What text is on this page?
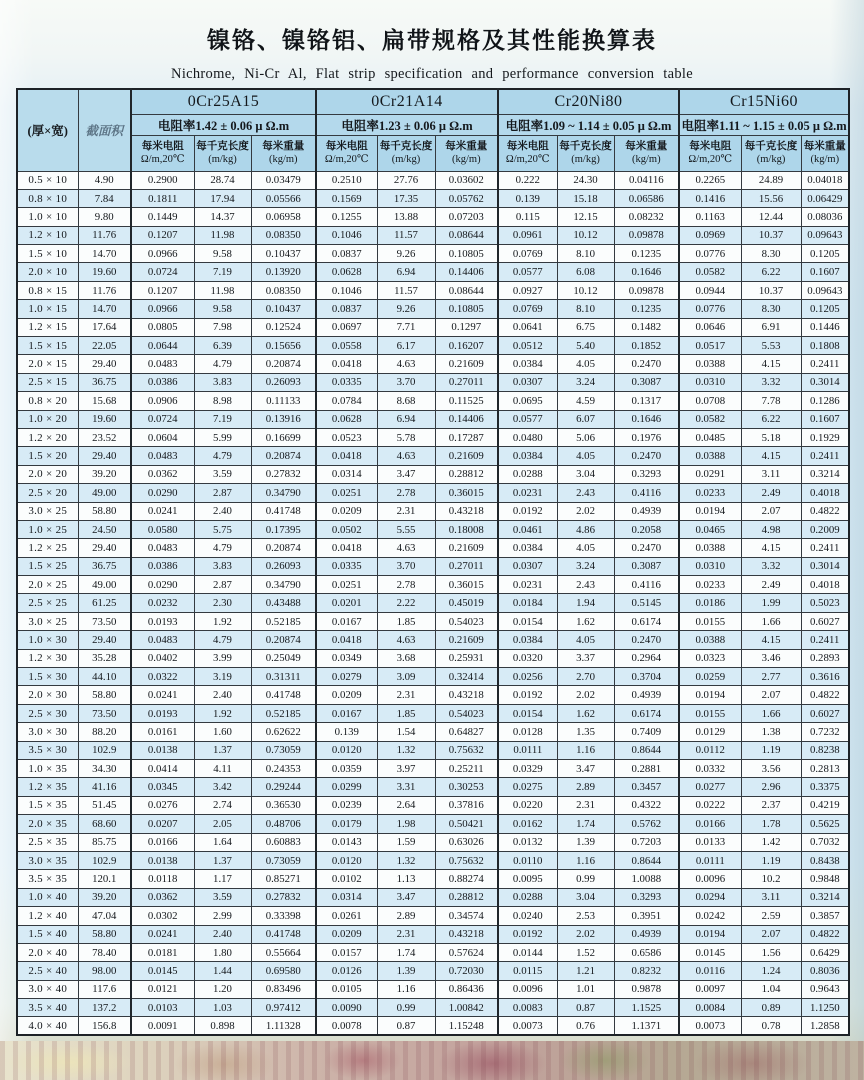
镍铬、镍铬铝、扁带规格及其性能换算表
Nichrome, Ni-Cr Al, Flat strip specification and performance conversion table
(厚×宽)	截面积	0Cr25A15			0Cr21A14			Cr20Ni80			Cr15Ni60		
		电阻率1.42 ± 0.06 μ Ω.m			电阻率1.23 ± 0.06 μ Ω.m			电阻率1.09 ~ 1.14 ± 0.05 μ Ω.m			电阻率1.11 ~ 1.15 ± 0.05 μ Ω.m		
		每米电阻
Ω/m,20℃	每千克长度
(m/kg)	每米重量
(kg/m)	每米电阻
Ω/m,20℃	每千克长度
(m/kg)	每米重量
(kg/m)	每米电阻
Ω/m,20℃	每千克长度
(m/kg)	每米重量
(kg/m)	每米电阻
Ω/m,20℃	每千克长度
(m/kg)	每米重量
(kg/m)

0.5 × 10	4.90	0.2900	28.74	0.03479	0.2510	27.76	0.03602	0.222	24.30	0.04116	0.2265	24.89	0.04018
0.8 × 10	7.84	0.1811	17.94	0.05566	0.1569	17.35	0.05762	0.139	15.18	0.06586	0.1416	15.56	0.06429
1.0 × 10	9.80	0.1449	14.37	0.06958	0.1255	13.88	0.07203	0.115	12.15	0.08232	0.1163	12.44	0.08036
1.2 × 10	11.76	0.1207	11.98	0.08350	0.1046	11.57	0.08644	0.0961	10.12	0.09878	0.0969	10.37	0.09643
1.5 × 10	14.70	0.0966	9.58	0.10437	0.0837	9.26	0.10805	0.0769	8.10	0.1235	0.0776	8.30	0.1205
2.0 × 10	19.60	0.0724	7.19	0.13920	0.0628	6.94	0.14406	0.0577	6.08	0.1646	0.0582	6.22	0.1607
0.8 × 15	11.76	0.1207	11.98	0.08350	0.1046	11.57	0.08644	0.0927	10.12	0.09878	0.0944	10.37	0.09643
1.0 × 15	14.70	0.0966	9.58	0.10437	0.0837	9.26	0.10805	0.0769	8.10	0.1235	0.0776	8.30	0.1205
1.2 × 15	17.64	0.0805	7.98	0.12524	0.0697	7.71	0.1297	0.0641	6.75	0.1482	0.0646	6.91	0.1446
1.5 × 15	22.05	0.0644	6.39	0.15656	0.0558	6.17	0.16207	0.0512	5.40	0.1852	0.0517	5.53	0.1808
2.0 × 15	29.40	0.0483	4.79	0.20874	0.0418	4.63	0.21609	0.0384	4.05	0.2470	0.0388	4.15	0.2411
2.5 × 15	36.75	0.0386	3.83	0.26093	0.0335	3.70	0.27011	0.0307	3.24	0.3087	0.0310	3.32	0.3014
0.8 × 20	15.68	0.0906	8.98	0.11133	0.0784	8.68	0.11525	0.0695	4.59	0.1317	0.0708	7.78	0.1286
1.0 × 20	19.60	0.0724	7.19	0.13916	0.0628	6.94	0.14406	0.0577	6.07	0.1646	0.0582	6.22	0.1607
1.2 × 20	23.52	0.0604	5.99	0.16699	0.0523	5.78	0.17287	0.0480	5.06	0.1976	0.0485	5.18	0.1929
1.5 × 20	29.40	0.0483	4.79	0.20874	0.0418	4.63	0.21609	0.0384	4.05	0.2470	0.0388	4.15	0.2411
2.0 × 20	39.20	0.0362	3.59	0.27832	0.0314	3.47	0.28812	0.0288	3.04	0.3293	0.0291	3.11	0.3214
2.5 × 20	49.00	0.0290	2.87	0.34790	0.0251	2.78	0.36015	0.0231	2.43	0.4116	0.0233	2.49	0.4018
3.0 × 25	58.80	0.0241	2.40	0.41748	0.0209	2.31	0.43218	0.0192	2.02	0.4939	0.0194	2.07	0.4822
1.0 × 25	24.50	0.0580	5.75	0.17395	0.0502	5.55	0.18008	0.0461	4.86	0.2058	0.0465	4.98	0.2009
1.2 × 25	29.40	0.0483	4.79	0.20874	0.0418	4.63	0.21609	0.0384	4.05	0.2470	0.0388	4.15	0.2411
1.5 × 25	36.75	0.0386	3.83	0.26093	0.0335	3.70	0.27011	0.0307	3.24	0.3087	0.0310	3.32	0.3014
2.0 × 25	49.00	0.0290	2.87	0.34790	0.0251	2.78	0.36015	0.0231	2.43	0.4116	0.0233	2.49	0.4018
2.5 × 25	61.25	0.0232	2.30	0.43488	0.0201	2.22	0.45019	0.0184	1.94	0.5145	0.0186	1.99	0.5023
3.0 × 25	73.50	0.0193	1.92	0.52185	0.0167	1.85	0.54023	0.0154	1.62	0.6174	0.0155	1.66	0.6027
1.0 × 30	29.40	0.0483	4.79	0.20874	0.0418	4.63	0.21609	0.0384	4.05	0.2470	0.0388	4.15	0.2411
1.2 × 30	35.28	0.0402	3.99	0.25049	0.0349	3.68	0.25931	0.0320	3.37	0.2964	0.0323	3.46	0.2893
1.5 × 30	44.10	0.0322	3.19	0.31311	0.0279	3.09	0.32414	0.0256	2.70	0.3704	0.0259	2.77	0.3616
2.0 × 30	58.80	0.0241	2.40	0.41748	0.0209	2.31	0.43218	0.0192	2.02	0.4939	0.0194	2.07	0.4822
2.5 × 30	73.50	0.0193	1.92	0.52185	0.0167	1.85	0.54023	0.0154	1.62	0.6174	0.0155	1.66	0.6027
3.0 × 30	88.20	0.0161	1.60	0.62622	0.139	1.54	0.64827	0.0128	1.35	0.7409	0.0129	1.38	0.7232
3.5 × 30	102.9	0.0138	1.37	0.73059	0.0120	1.32	0.75632	0.0111	1.16	0.8644	0.0112	1.19	0.8238
1.0 × 35	34.30	0.0414	4.11	0.24353	0.0359	3.97	0.25211	0.0329	3.47	0.2881	0.0332	3.56	0.2813
1.2 × 35	41.16	0.0345	3.42	0.29244	0.0299	3.31	0.30253	0.0275	2.89	0.3457	0.0277	2.96	0.3375
1.5 × 35	51.45	0.0276	2.74	0.36530	0.0239	2.64	0.37816	0.0220	2.31	0.4322	0.0222	2.37	0.4219
2.0 × 35	68.60	0.0207	2.05	0.48706	0.0179	1.98	0.50421	0.0162	1.74	0.5762	0.0166	1.78	0.5625
2.5 × 35	85.75	0.0166	1.64	0.60883	0.0143	1.59	0.63026	0.0132	1.39	0.7203	0.0133	1.42	0.7032
3.0 × 35	102.9	0.0138	1.37	0.73059	0.0120	1.32	0.75632	0.0110	1.16	0.8644	0.0111	1.19	0.8438
3.5 × 35	120.1	0.0118	1.17	0.85271	0.0102	1.13	0.88274	0.0095	0.99	1.0088	0.0096	10.2	0.9848
1.0 × 40	39.20	0.0362	3.59	0.27832	0.0314	3.47	0.28812	0.0288	3.04	0.3293	0.0294	3.11	0.3214
1.2 × 40	47.04	0.0302	2.99	0.33398	0.0261	2.89	0.34574	0.0240	2.53	0.3951	0.0242	2.59	0.3857
1.5 × 40	58.80	0.0241	2.40	0.41748	0.0209	2.31	0.43218	0.0192	2.02	0.4939	0.0194	2.07	0.4822
2.0 × 40	78.40	0.0181	1.80	0.55664	0.0157	1.74	0.57624	0.0144	1.52	0.6586	0.0145	1.56	0.6429
2.5 × 40	98.00	0.0145	1.44	0.69580	0.0126	1.39	0.72030	0.0115	1.21	0.8232	0.0116	1.24	0.8036
3.0 × 40	117.6	0.0121	1.20	0.83496	0.0105	1.16	0.86436	0.0096	1.01	0.9878	0.0097	1.04	0.9643
3.5 × 40	137.2	0.0103	1.03	0.97412	0.0090	0.99	1.00842	0.0083	0.87	1.1525	0.0084	0.89	1.1250
4.0 × 40	156.8	0.0091	0.898	1.11328	0.0078	0.87	1.15248	0.0073	0.76	1.1371	0.0073	0.78	1.2858
